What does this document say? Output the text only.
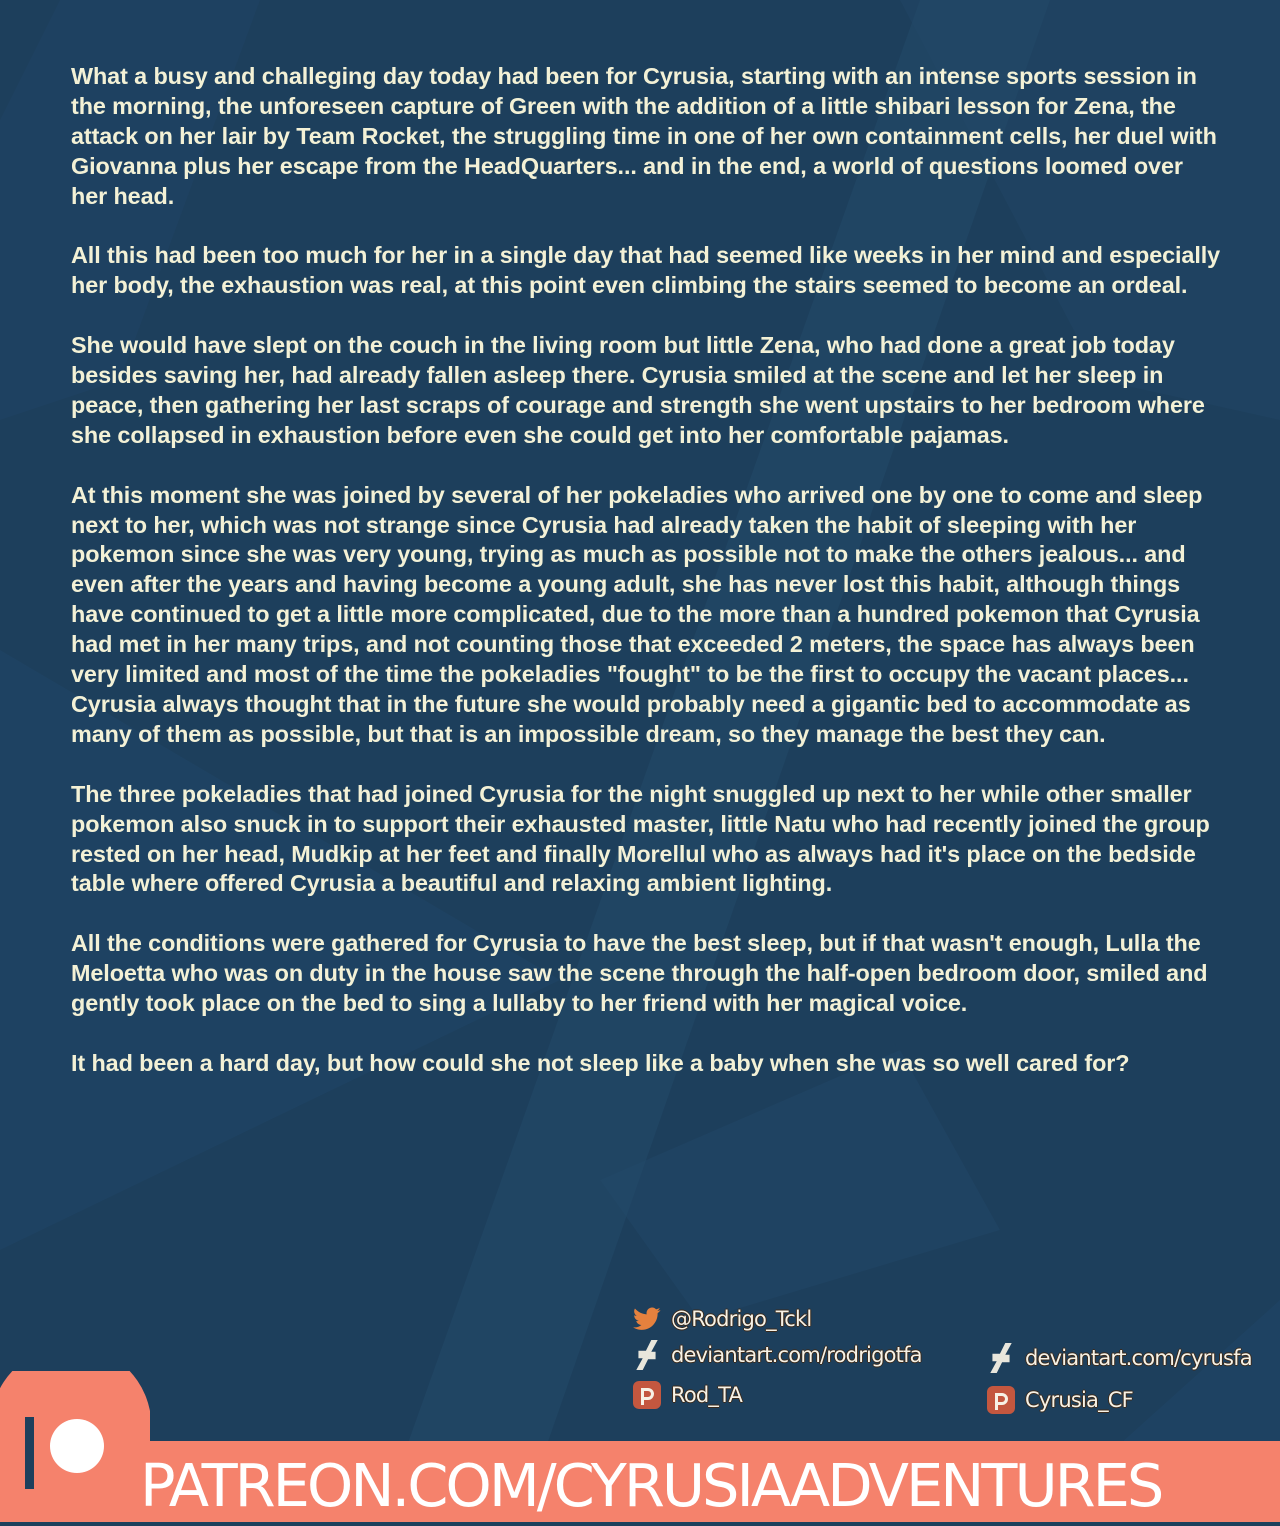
What a busy and challeging day today had been for Cyrusia, starting with an intense sports session in the morning, the unforeseen capture of Green with the addition of a little shibari lesson for Zena, the attack on her lair by Team Rocket, the struggling time in one of her own containment cells, her duel with Giovanna plus her escape from the HeadQuarters... and in the end, a world of questions loomed over her head.

All this had been too much for her in a single day that had seemed like weeks in her mind and especially her body, the exhaustion was real, at this point even climbing the stairs seemed to become an ordeal.

She would have slept on the couch in the living room but little Zena, who had done a great job today besides saving her, had already fallen asleep there. Cyrusia smiled at the scene and let her sleep in peace, then gathering her last scraps of courage and strength she went upstairs to her bedroom where she collapsed in exhaustion before even she could get into her comfortable pajamas.

At this moment she was joined by several of her pokeladies who arrived one by one to come and sleep next to her, which was not strange since Cyrusia had already taken the habit of sleeping with her pokemon since she was very young, trying as much as possible not to make the others jealous... and even after the years and having become a young adult, she has never lost this habit, although things have continued to get a little more complicated, due to the more than a hundred pokemon that Cyrusia had met in her many trips, and not counting those that exceeded 2 meters, the space has always been very limited and most of the time the pokeladies "fought" to be the first to occupy the vacant places... Cyrusia always thought that in the future she would probably need a gigantic bed to accommodate as many of them as possible, but that is an impossible dream, so they manage the best they can.

The three pokeladies that had joined Cyrusia for the night snuggled up next to her while other smaller pokemon also snuck in to support their exhausted master, little Natu who had recently joined the group rested on her head, Mudkip at her feet and finally Morellul who as always had it's place on the bedside table where offered Cyrusia a beautiful and relaxing ambient lighting.

All the conditions were gathered for Cyrusia to have the best sleep, but if that wasn't enough, Lulla the Meloetta who was on duty in the house saw the scene through the half-open bedroom door, smiled and gently took place on the bed to sing a lullaby to her friend with her magical voice.

It had been a hard day, but how could she not sleep like a baby when she was so well cared for?

@Rodrigo_Tckl
deviantart.com/rodrigotfa
Rod_TA
deviantart.com/cyrusfa
Cyrusia_CF
PATREON.COM/CYRUSIAADVENTURES
